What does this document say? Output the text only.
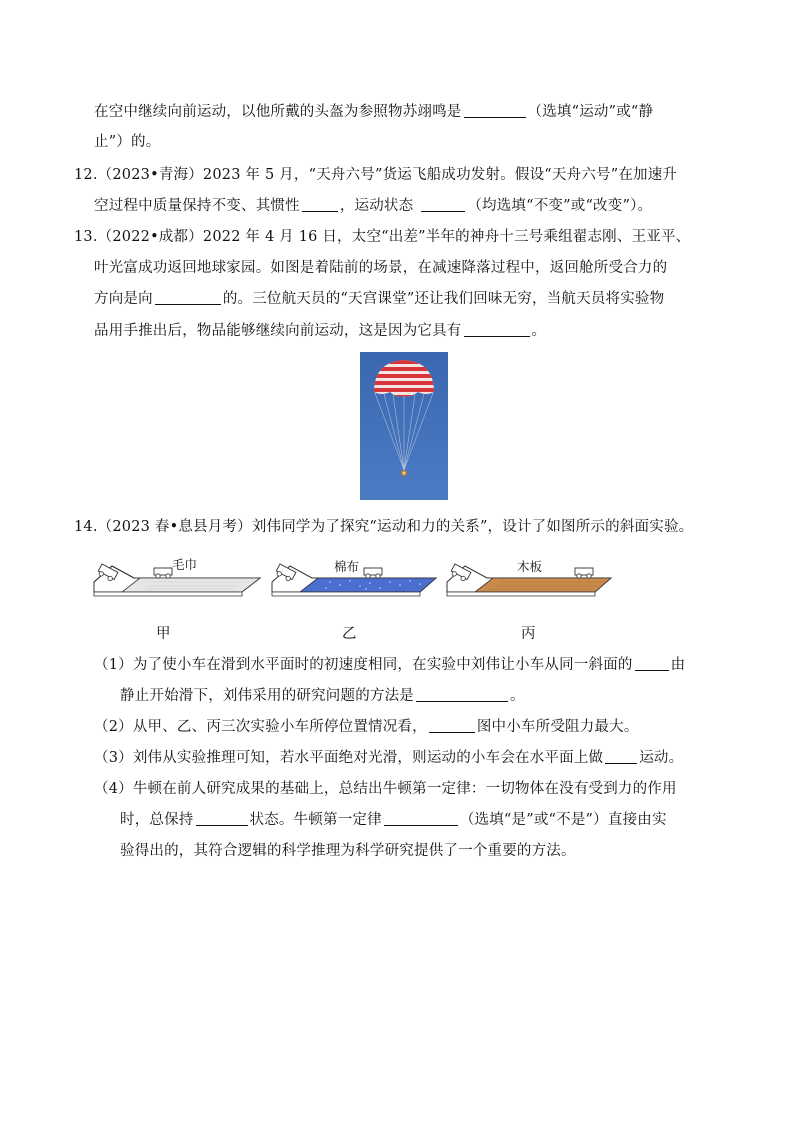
在空中继续向前运动，以他所戴的头盔为参照物苏翊鸣是	（选填“运动”或“静
止”）的。
12.（2023•青海）2023 年 5 月，“天舟六号”货运飞船成功发射。假设“天舟六号”在加速升
空过程中质量保持不变、其惯性	，运动状态	（均选填“不变”或“改变”）。
13.（2022•成都）2022 年 4 月 16 日，太空“出差”半年的神舟十三号乘组翟志刚、王亚平、
叶光富成功返回地球家园。如图是着陆前的场景，在减速降落过程中，返回舱所受合力的
方向是向	的。三位航天员的“天宫课堂”还让我们回味无穷，当航天员将实验物
品用手推出后，物品能够继续向前运动，这是因为它具有	。
14.（2023 春•息县月考）刘伟同学为了探究“运动和力的关系”，设计了如图所示的斜面实验。
毛巾	棉布	木板
甲	乙	丙
（1）为了使小车在滑到水平面时的初速度相同，在实验中刘伟让小车从同一斜面的	由
静止开始滑下，刘伟采用的研究问题的方法是	。
（2）从甲、乙、丙三次实验小车所停位置情况看，	图中小车所受阻力最大。
（3）刘伟从实验推理可知，若水平面绝对光滑，则运动的小车会在水平面上做 运动。
（4）牛顿在前人研究成果的基础上，总结出牛顿第一定律：一切物体在没有受到力的作用
时，总保持	状态。牛顿第一定律	（选填“是”或“不是”）直接由实
验得出的，其符合逻辑的科学推理为科学研究提供了一个重要的方法。
